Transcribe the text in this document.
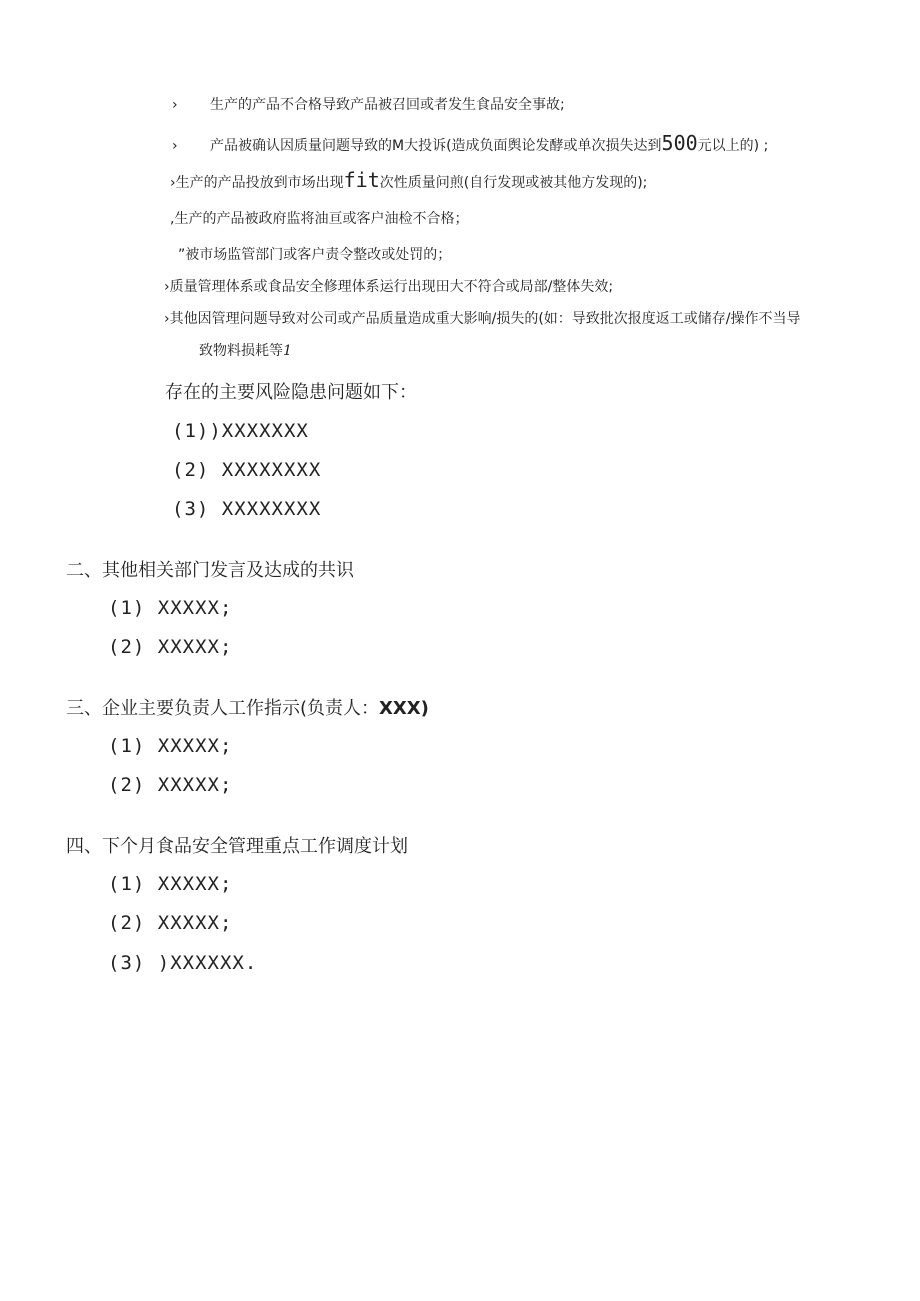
› 生产的产品不合格导致产品被召回或者发生食品安全事故;
› 产品被确认因质量问题导致的M大投诉(造成负面舆论发酵或单次损失达到500元以上的) ;
›生产的产品投放到市场出现fit次性质量问煎(自行发现或被其他方发现的);
,生产的产品被政府监将油亘或客户油检不合格；
”被市场监管部门或客户责令整改或处罚的；
›质量管理体系或食品安全修理体系运行出现田大不符合或局部/整体失效;
›其他因管理问题导致对公司或产品质量造成重大影响/损失的(如：导致批次报度返工或储存/操作不当导
致物料损耗等1
存在的主要风险隐患问题如下：
(1))XXXXXXX
(2) XXXXXXXX
(3) XXXXXXXX
二、其他相关部门发言及达成的共识
(1) XXXXX;
(2) XXXXX;
三、企业主要负责人工作指示(负责人：XXX)
(1) XXXXX;
(2) XXXXX;
四、下个月食品安全管理重点工作调度计划
(1) XXXXX;
(2) XXXXX;
(3) )XXXXXX.
